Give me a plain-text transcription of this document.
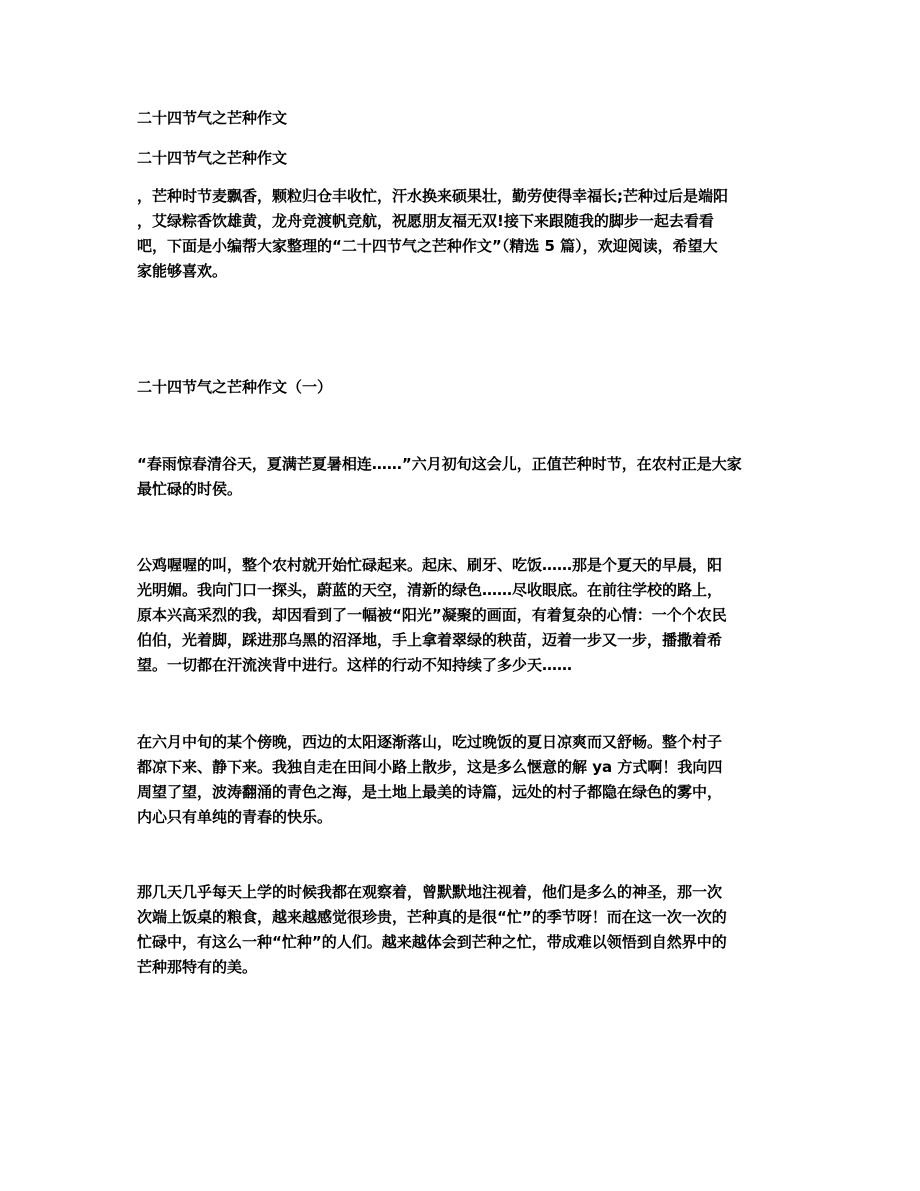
二十四节气之芒种作文
二十四节气之芒种作文
，芒种时节麦飘香，颗粒归仓丰收忙，汗水换来硕果壮，勤劳使得幸福长;芒种过后是端阳
，艾绿粽香饮雄黄，龙舟竞渡帆竞航，祝愿朋友福无双!接下来跟随我的脚步一起去看看
吧，下面是小编帮大家整理的“二十四节气之芒种作文”（精选 5 篇），欢迎阅读，希望大
家能够喜欢。
二十四节气之芒种作文（一）
“春雨惊春清谷天，夏满芒夏暑相连……”六月初旬这会儿，正值芒种时节，在农村正是大家
最忙碌的时侯。
公鸡喔喔的叫，整个农村就开始忙碌起来。起床、刷牙、吃饭……那是个夏天的早晨，阳
光明媚。我向门口一探头，蔚蓝的天空，清新的绿色……尽收眼底。在前往学校的路上，
原本兴高采烈的我，却因看到了一幅被“阳光”凝聚的画面，有着复杂的心情：一个个农民
伯伯，光着脚，踩进那乌黑的沼泽地，手上拿着翠绿的秧苗，迈着一步又一步，播撒着希
望。一切都在汗流浃背中进行。这样的行动不知持续了多少天……
在六月中旬的某个傍晚，西边的太阳逐渐落山，吃过晚饭的夏日凉爽而又舒畅。整个村子
都凉下来、静下来。我独自走在田间小路上散步，这是多么惬意的解 ya 方式啊！我向四
周望了望，波涛翻涌的青色之海，是土地上最美的诗篇，远处的村子都隐在绿色的雾中，
内心只有单纯的青春的快乐。
那几天几乎每天上学的时候我都在观察着，曾默默地注视着，他们是多么的神圣，那一次
次端上饭桌的粮食，越来越感觉很珍贵，芒种真的是很“忙”的季节呀！而在这一次一次的
忙碌中，有这么一种“忙种”的人们。越来越体会到芒种之忙，带成难以领悟到自然界中的
芒种那特有的美。
